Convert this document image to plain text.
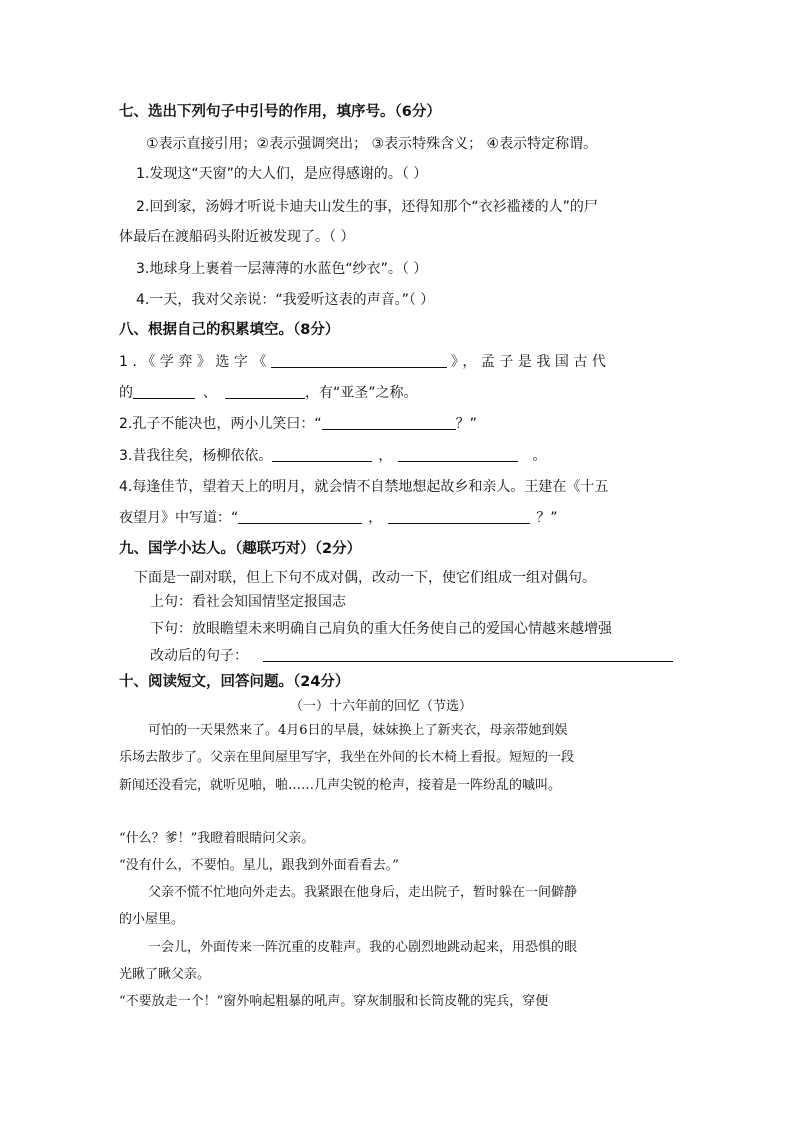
七、选出下列句子中引号的作用，填序号。（6分）
①表示直接引用；②表示强调突出； ③表示特殊含义； ④表示特定称谓。
1.发现这“天窗”的大人们，是应得感谢的。（ ）
2.回到家，汤姆才听说卡迪夫山发生的事，还得知那个“衣衫褴褛的人”的尸
体最后在渡船码头附近被发现了。（ ）
3.地球身上裹着一层薄薄的水蓝色“纱衣”。（ ）
4.一天，我对父亲说：“我爱听这表的声音。”（ ）
八、根据自己的积累填空。（8分）
1.《学弈》选字《	》，孟子是我国古代
的	、	，有“亚圣”之称。
2.孔子不能决也，两小儿笑曰：“	？”
3.昔我往矣，杨柳依依。	，	。
4.每逢佳节，望着天上的明月，就会情不自禁地想起故乡和亲人。王建在《十五
夜望月》中写道：“	，	？”
九、国学小达人。（趣联巧对）（2分）
下面是一副对联，但上下句不成对偶，改动一下，使它们组成一组对偶句。
上句：看社会知国情坚定报国志
下句：放眼瞻望未来明确自己肩负的重大任务使自己的爱国心情越来越增强
改动后的句子：
十、阅读短文，回答问题。（24分）
（一）十六年前的回忆（节选）
可怕的一天果然来了。4月6日的早晨，妹妹换上了新夹衣，母亲带她到娱
乐场去散步了。父亲在里间屋里写字，我坐在外间的长木椅上看报。短短的一段
新闻还没看完，就听见啪，啪……几声尖锐的枪声，接着是一阵纷乱的嘁叫。
“什么？爹！”我瞪着眼睛问父亲。
“没有什么，不要怕。星儿，跟我到外面看看去。”
父亲不慌不忙地向外走去。我紧跟在他身后，走出院子，暂时躲在一间僻静
的小屋里。
一会儿，外面传来一阵沉重的皮鞋声。我的心剧烈地跳动起来，用恐惧的眼
光瞅了瞅父亲。
“不要放走一个！”窗外响起粗暴的吼声。穿灰制服和长筒皮靴的宪兵，穿便
